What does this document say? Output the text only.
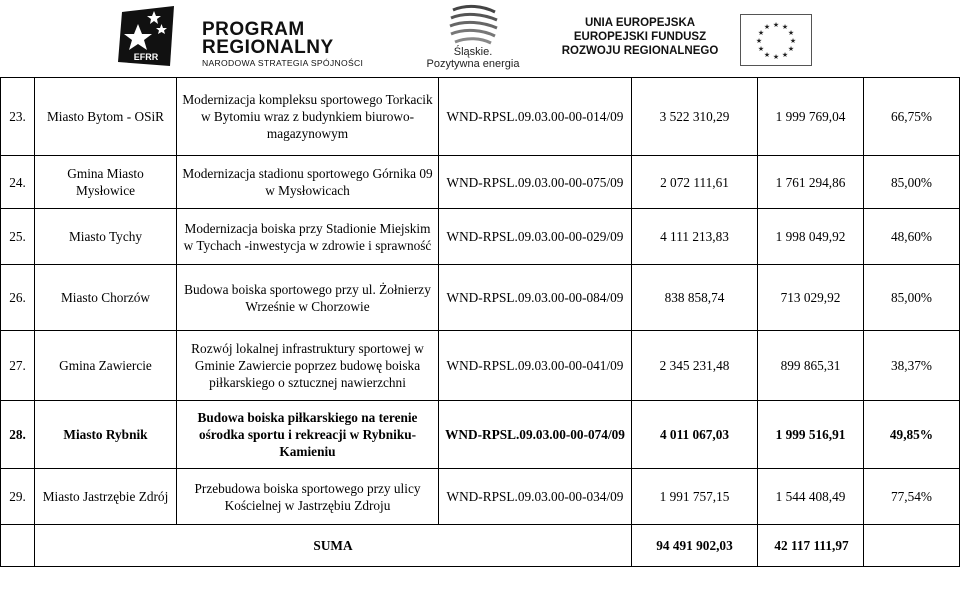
EFRR
PROGRAM
REGIONALNY
NARODOWA STRATEGIA SPÓJNOŚCI
Śląskie.
Pozytywna energia
UNIA EUROPEJSKA
EUROPEJSKI FUNDUSZ
ROZWOJU REGIONALNEGO
★ ★
★
★
★
★
★
★
★
★
★
★
23.	Miasto Bytom - OSiR	Modernizacja kompleksu sportowego Torkacik w Bytomiu wraz z budynkiem biurowo-magazynowym	WND-RPSL.09.03.00-00-014/09	3 522 310,29	1 999 769,04	66,75%
24.	Gmina Miasto Mysłowice	Modernizacja stadionu sportowego Górnika 09 w Mysłowicach	WND-RPSL.09.03.00-00-075/09	2 072 111,61	1 761 294,86	85,00%
25.	Miasto Tychy	Modernizacja boiska przy Stadionie Miejskim w Tychach -inwestycja w zdrowie i sprawność	WND-RPSL.09.03.00-00-029/09	4 111 213,83	1 998 049,92	48,60%
26.	Miasto Chorzów	Budowa boiska sportowego przy ul. Żołnierzy Wrześnie w Chorzowie	WND-RPSL.09.03.00-00-084/09	838 858,74	713 029,92	85,00%
27.	Gmina Zawiercie	Rozwój lokalnej infrastruktury sportowej w Gminie Zawiercie poprzez budowę boiska piłkarskiego o sztucznej nawierzchni	WND-RPSL.09.03.00-00-041/09	2 345 231,48	899 865,31	38,37%
28.	Miasto Rybnik	Budowa boiska piłkarskiego na terenie ośrodka sportu i rekreacji w Rybniku-Kamieniu	WND-RPSL.09.03.00-00-074/09	4 011 067,03	1 999 516,91	49,85%
29.	Miasto Jastrzębie Zdrój	Przebudowa boiska sportowego przy ulicy Kościelnej w Jastrzębiu Zdroju	WND-RPSL.09.03.00-00-034/09	1 991 757,15	1 544 408,49	77,54%
	SUMA			94 491 902,03	42 117 111,97	
